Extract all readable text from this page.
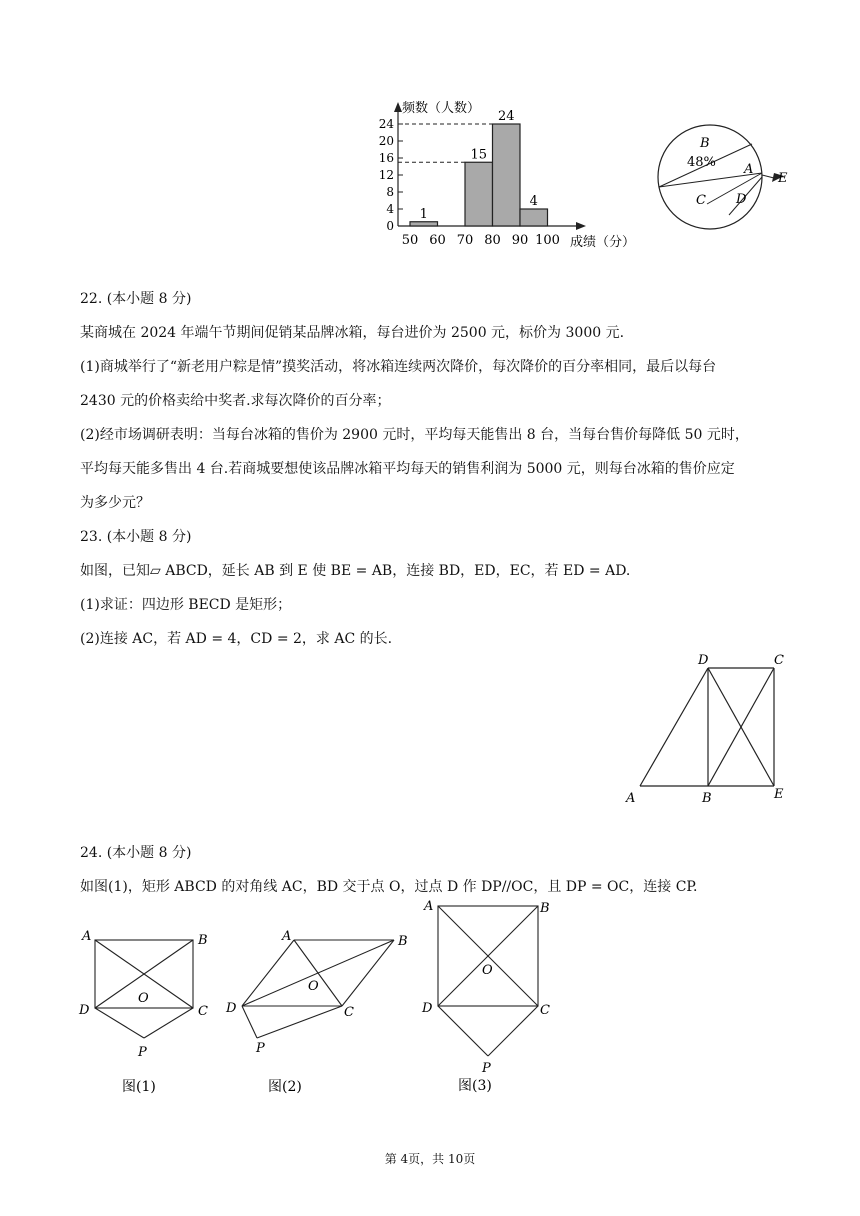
频数（人数）
成绩（分）
0
4
8
12
16
20
24
50 60 70 80 90 100
1
15
24
4
B
48% A
C D
E
22. (本小题 8 分)
某商城在 2024 年端午节期间促销某品牌冰箱，每台进价为 2500 元，标价为 3000 元.
(1)商城举行了“新老用户粽是情”摸奖活动，将冰箱连续两次降价，每次降价的百分率相同，最后以每台
2430 元的价格卖给中奖者.求每次降价的百分率；
(2)经市场调研表明：当每台冰箱的售价为 2900 元时，平均每天能售出 8 台，当每台售价每降低 50 元时，
平均每天能多售出 4 台.若商城要想使该品牌冰箱平均每天的销售利润为 5000 元，则每台冰箱的售价应定
为多少元？
23. (本小题 8 分)
如图，已知▱ ABCD，延长 AB 到 E 使 BE = AB，连接 BD，ED，EC，若 ED = AD.
(1)求证：四边形 BECD 是矩形；
(2)连接 AC，若 AD = 4，CD = 2，求 AC 的长.
D	C
A	B	E
24. (本小题 8 分)
如图(1)，矩形 ABCD 的对角线 AC，BD 交于点 O，过点 D 作 DP//OC，且 DP = OC，连接 CP.
A	B
O
D	C
P
图(1)
A	B
O
D	C
P
图(2)
A	B
O
D	C
P
图(3)
第 4页，共 10页
